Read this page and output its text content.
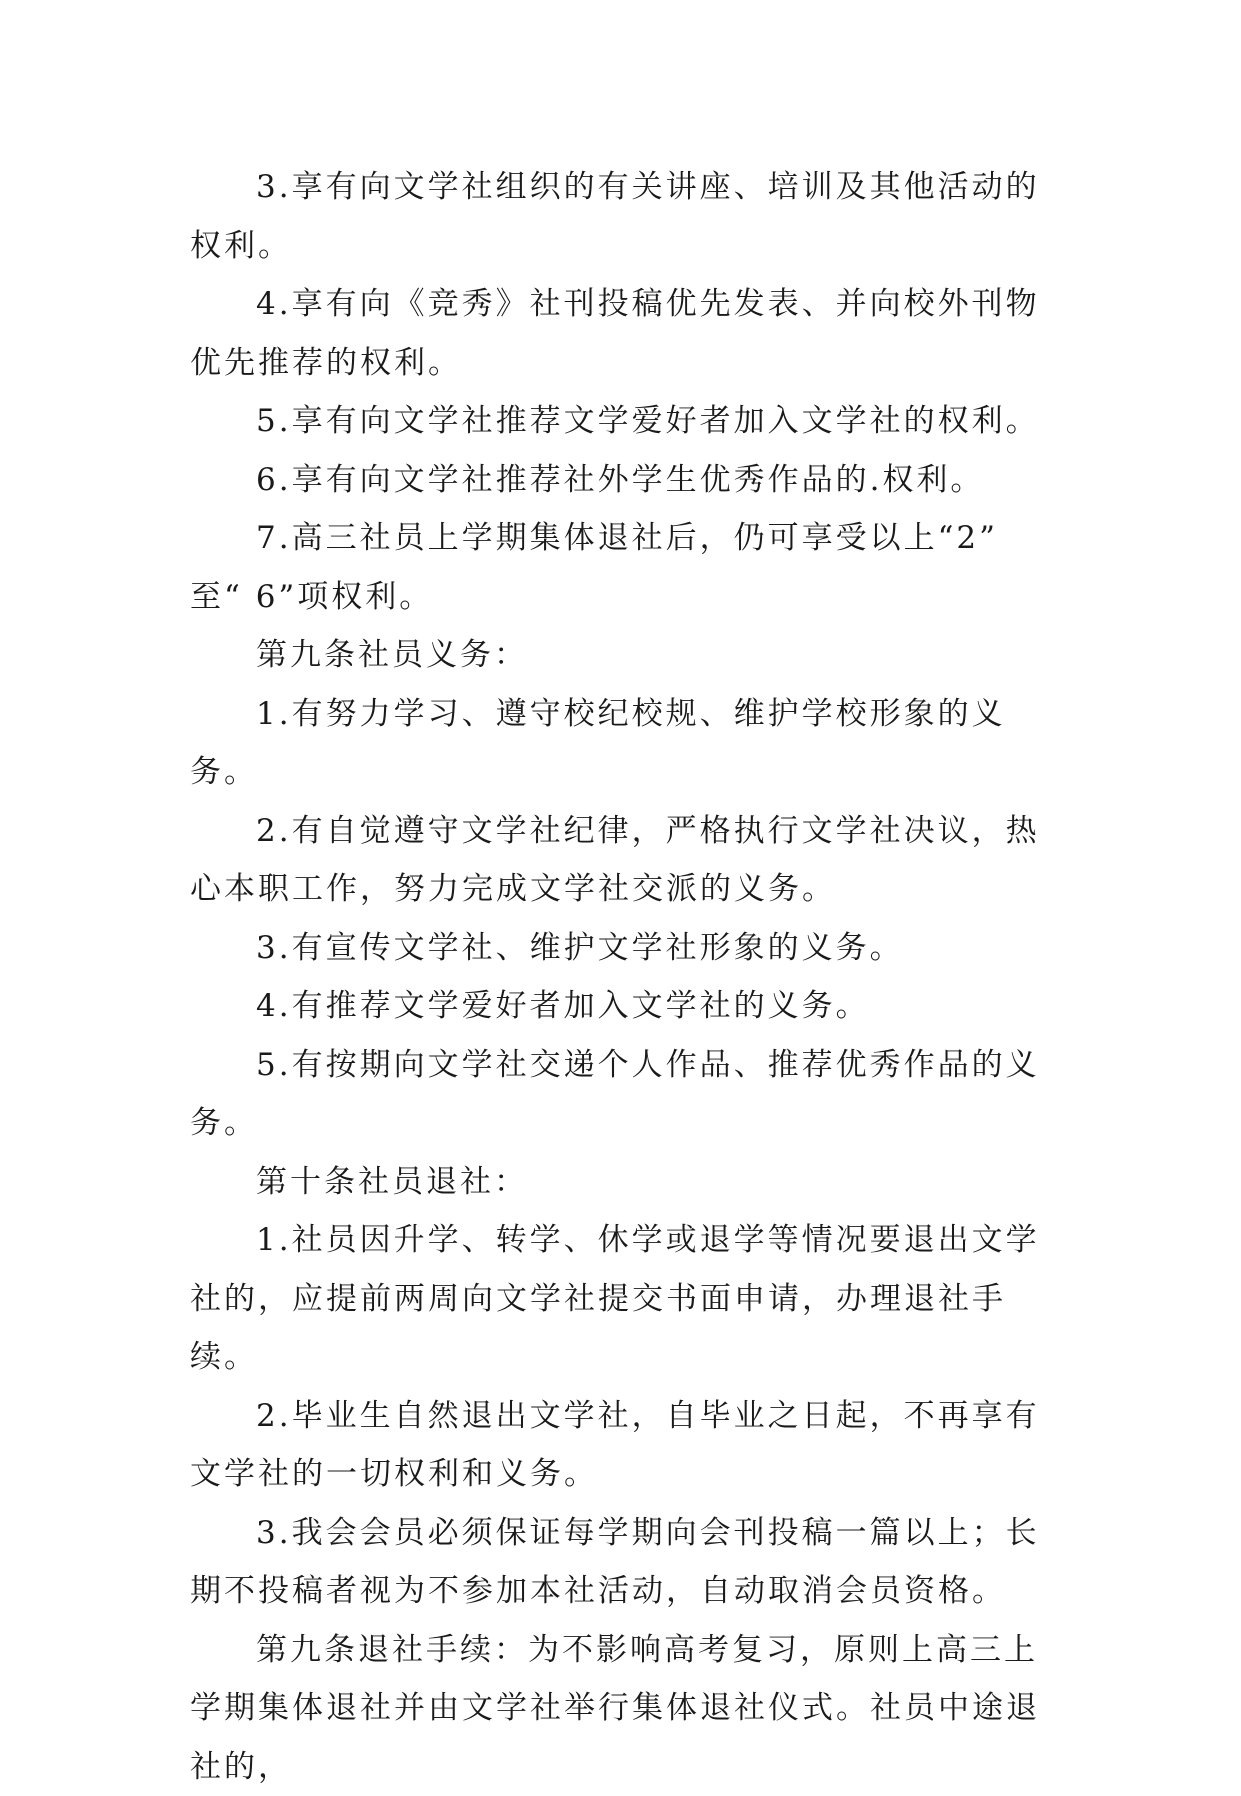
3.享有向文学社组织的有关讲座、培训及其他活动的权利。

4.享有向《竞秀》社刊投稿优先发表、并向校外刊物优先推荐的权利。

5.享有向文学社推荐文学爱好者加入文学社的权利。

6.享有向文学社推荐社外学生优秀作品的.权利。

7.高三社员上学期集体退社后，仍可享受以上“2” 至“ 6”项权利。

第九条社员义务：

1.有努力学习、遵守校纪校规、维护学校形象的义务。

2.有自觉遵守文学社纪律，严格执行文学社决议，热心本职工作，努力完成文学社交派的义务。

3.有宣传文学社、维护文学社形象的义务。

4.有推荐文学爱好者加入文学社的义务。

5.有按期向文学社交递个人作品、推荐优秀作品的义务。

第十条社员退社：

1.社员因升学、转学、休学或退学等情况要退出文学社的，应提前两周向文学社提交书面申请，办理退社手续。

2.毕业生自然退出文学社，自毕业之日起，不再享有文学社的一切权利和义务。

3.我会会员必须保证每学期向会刊投稿一篇以上；长期不投稿者视为不参加本社活动，自动取消会员资格。

第九条退社手续：为不影响高考复习，原则上高三上学期集体退社并由文学社举行集体退社仪式。社员中途退社的，
